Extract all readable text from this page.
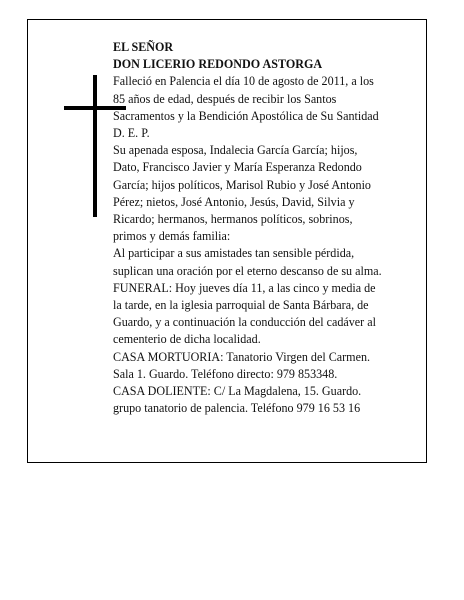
EL SEÑOR
DON LICERIO REDONDO ASTORGA
Falleció en Palencia el día 10 de agosto de 2011, a los
85 años de edad, después de recibir los Santos
Sacramentos y la Bendición Apostólica de Su Santidad
D. E. P.
Su apenada esposa, Indalecia García García; hijos,
Dato, Francisco Javier y María Esperanza Redondo
García; hijos políticos, Marisol Rubio y José Antonio
Pérez; nietos, José Antonio, Jesús, David, Silvia y
Ricardo; hermanos, hermanos políticos, sobrinos,
primos y demás familia:
Al participar a sus amistades tan sensible pérdida,
suplican una oración por el eterno descanso de su alma.
FUNERAL: Hoy jueves día 11, a las cinco y media de
la tarde, en la iglesia parroquial de Santa Bárbara, de
Guardo, y a continuación la conducción del cadáver al
cementerio de dicha localidad.
CASA MORTUORIA: Tanatorio Virgen del Carmen.
Sala 1. Guardo. Teléfono directo: 979 853348.
CASA DOLIENTE: C/ La Magdalena, 15. Guardo.
grupo tanatorio de palencia. Teléfono 979 16 53 16
